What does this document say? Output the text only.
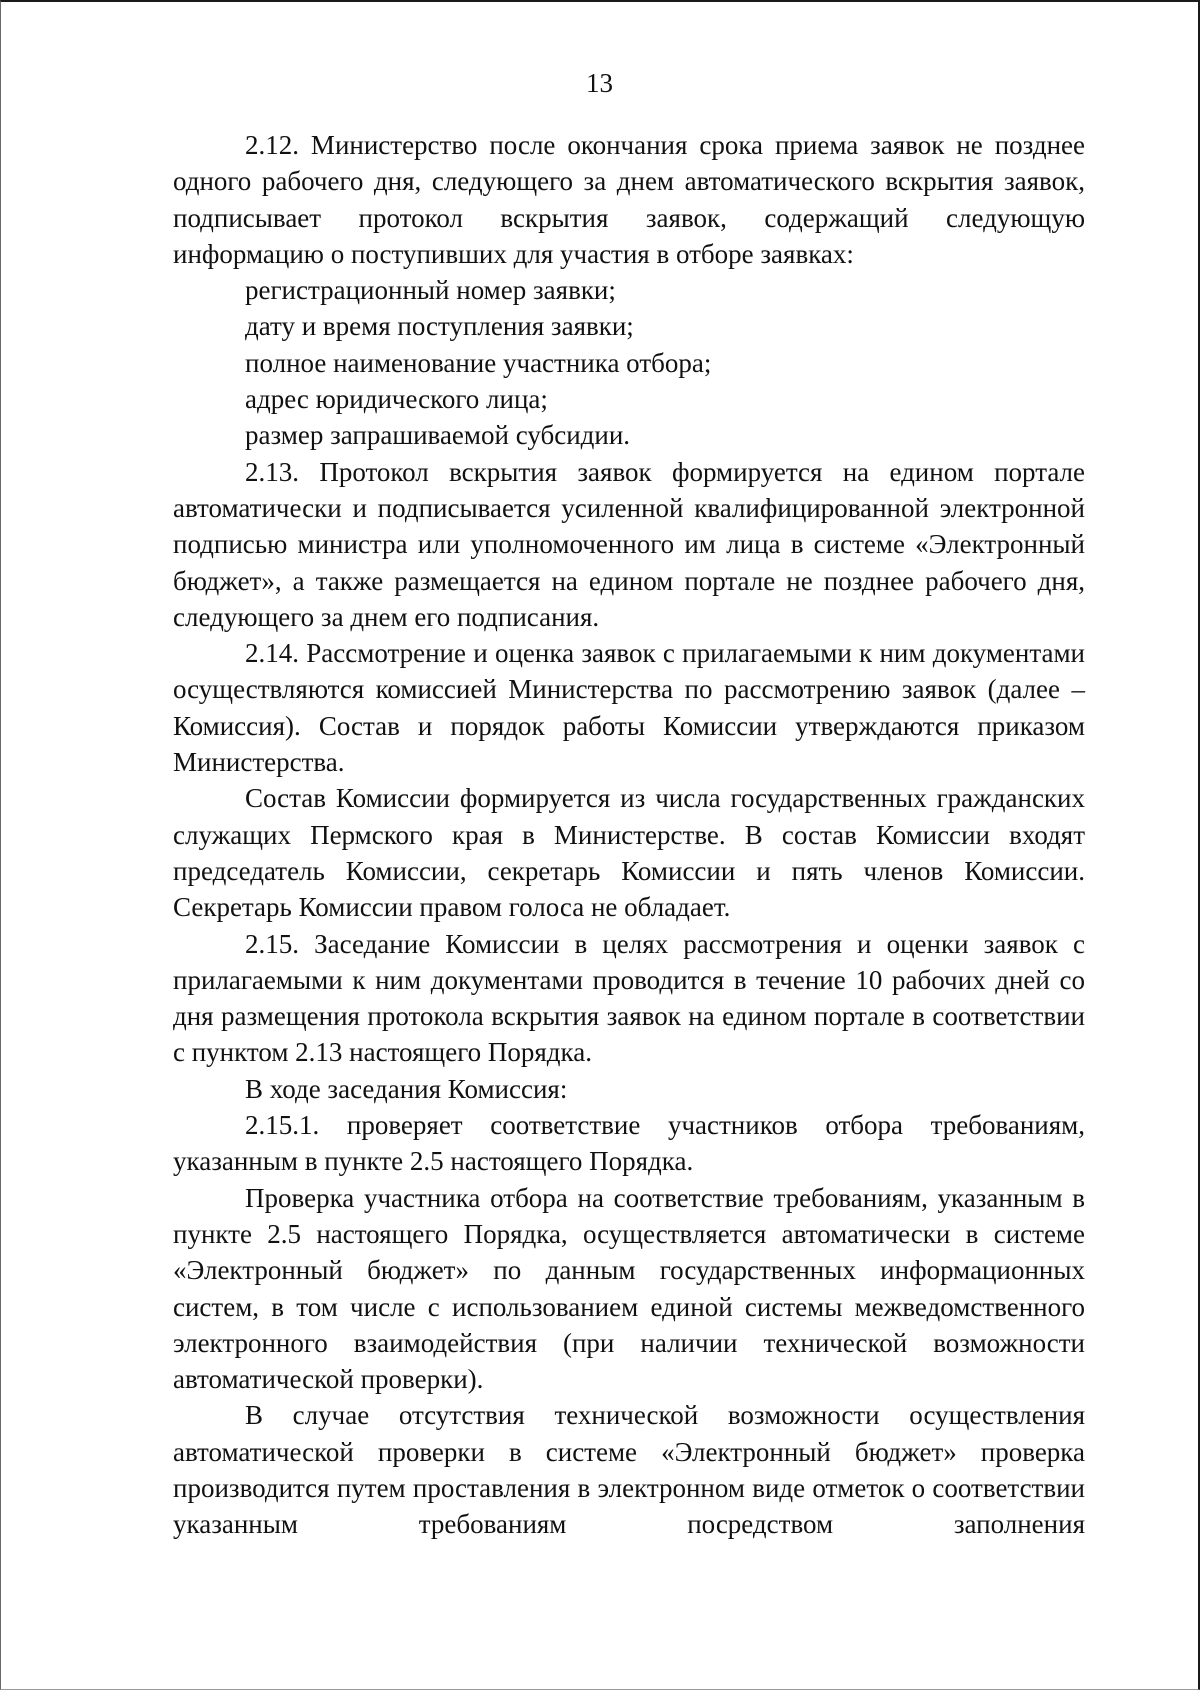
13

2.12. Министерство после окончания срока приема заявок не позднее одного рабочего дня, следующего за днем автоматического вскрытия заявок, подписывает протокол вскрытия заявок, содержащий следующую информацию о поступивших для участия в отборе заявках:

регистрационный номер заявки;

дату и время поступления заявки;

полное наименование участника отбора;

адрес юридического лица;

размер запрашиваемой субсидии.

2.13. Протокол вскрытия заявок формируется на едином портале автоматически и подписывается усиленной квалифицированной электронной подписью министра или уполномоченного им лица в системе «Электронный бюджет», а также размещается на едином портале не позднее рабочего дня, следующего за днем его подписания.

2.14. Рассмотрение и оценка заявок с прилагаемыми к ним документами осуществляются комиссией Министерства по рассмотрению заявок (далее – Комиссия). Состав и порядок работы Комиссии утверждаются приказом Министерства.

Состав Комиссии формируется из числа государственных гражданских служащих Пермского края в Министерстве. В состав Комиссии входят председатель Комиссии, секретарь Комиссии и пять членов Комиссии. Секретарь Комиссии правом голоса не обладает.

2.15. Заседание Комиссии в целях рассмотрения и оценки заявок с прилагаемыми к ним документами проводится в течение 10 рабочих дней со дня размещения протокола вскрытия заявок на едином портале в соответствии с пунктом 2.13 настоящего Порядка.

В ходе заседания Комиссия:

2.15.1. проверяет соответствие участников отбора требованиям, указанным в пункте 2.5 настоящего Порядка.

Проверка участника отбора на соответствие требованиям, указанным в пункте 2.5 настоящего Порядка, осуществляется автоматически в системе «Электронный бюджет» по данным государственных информационных систем, в том числе с использованием единой системы межведомственного электронного взаимодействия (при наличии технической возможности автоматической проверки).

В случае отсутствия технической возможности осуществления автоматической проверки в системе «Электронный бюджет» проверка производится путем проставления в электронном виде отметок о соответствии указанным требованиям посредством заполнения
